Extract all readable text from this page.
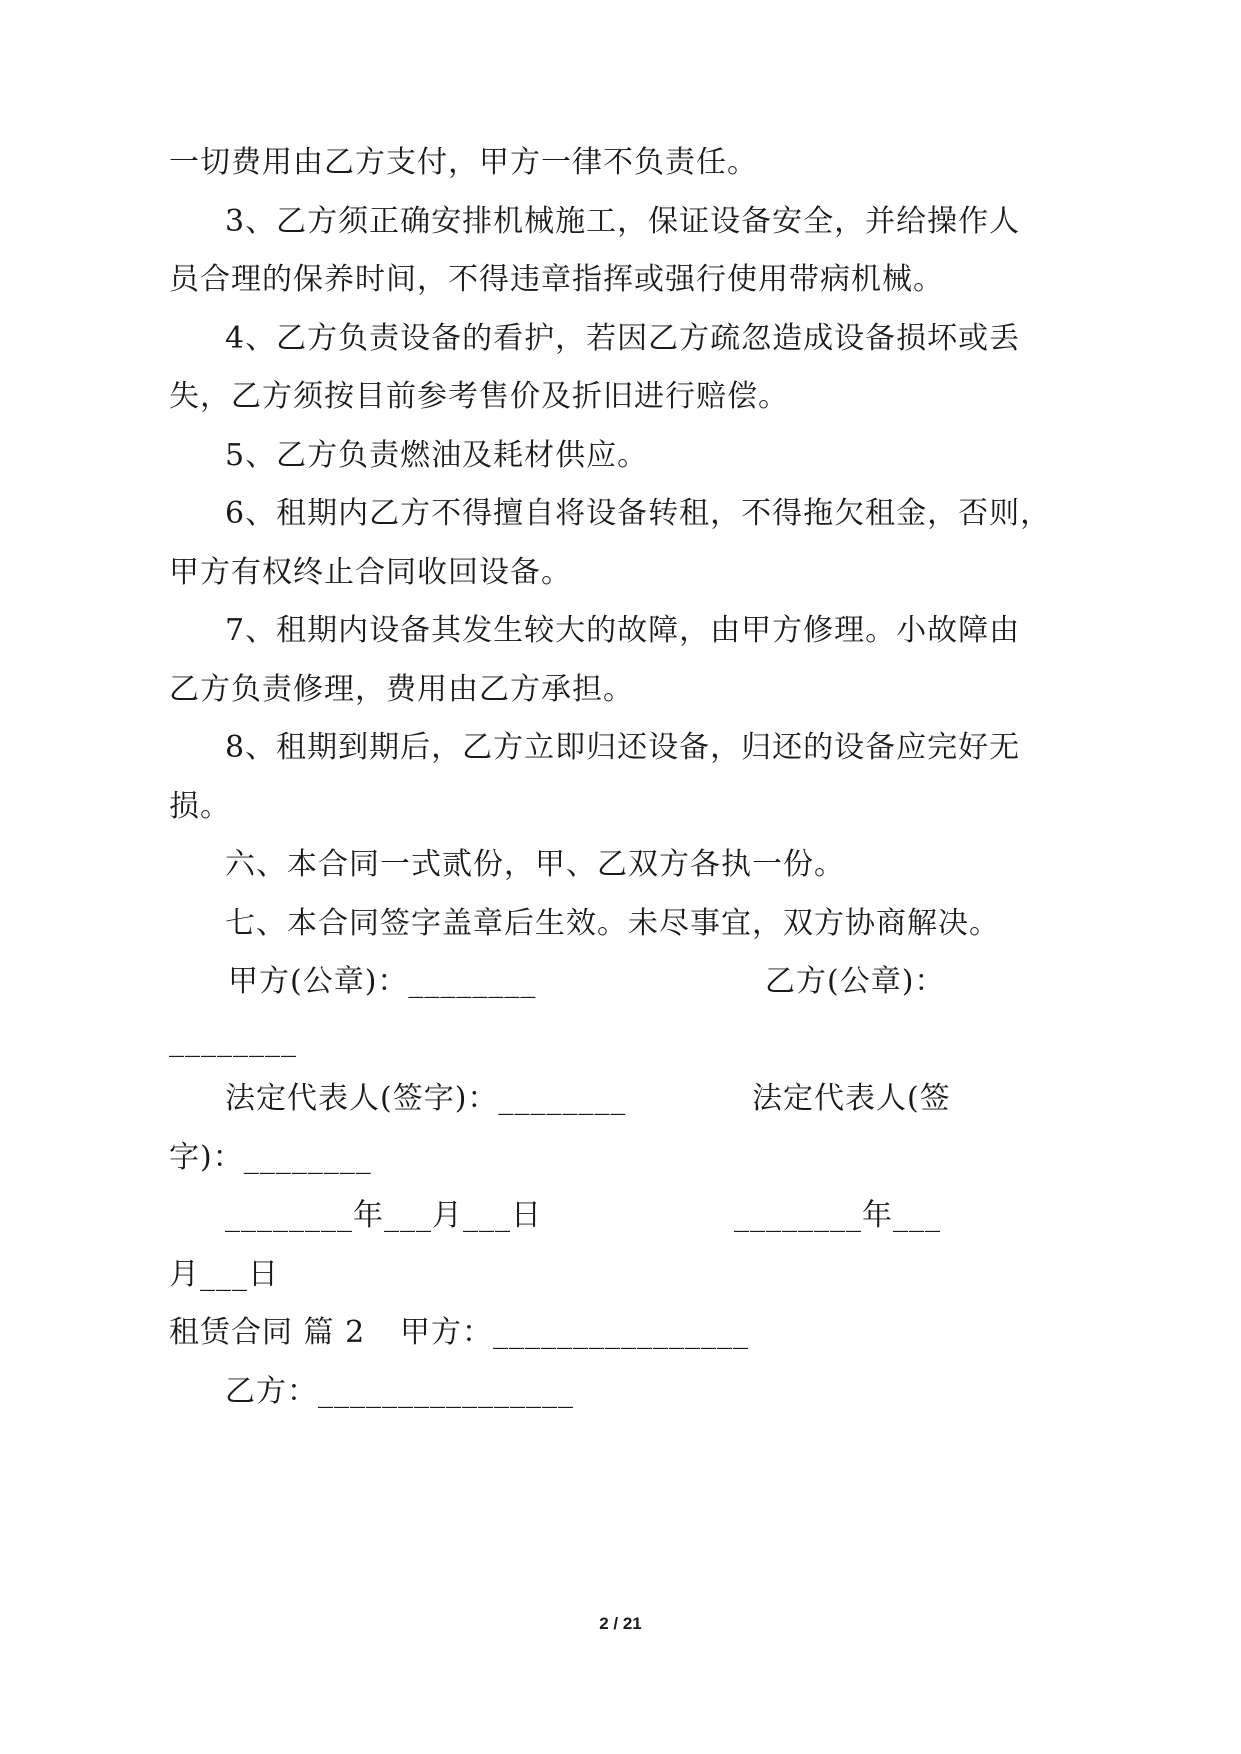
一切费用由乙方支付，甲方一律不负责任。
3、乙方须正确安排机械施工，保证设备安全，并给操作人
员合理的保养时间，不得违章指挥或强行使用带病机械。
4、乙方负责设备的看护，若因乙方疏忽造成设备损坏或丢
失，乙方须按目前参考售价及折旧进行赔偿。
5、乙方负责燃油及耗材供应。
6、租期内乙方不得擅自将设备转租，不得拖欠租金，否则，
甲方有权终止合同收回设备。
7、租期内设备其发生较大的故障，由甲方修理。小故障由
乙方负责修理，费用由乙方承担。
8、租期到期后，乙方立即归还设备，归还的设备应完好无
损。
六、本合同一式贰份，甲、乙双方各执一份。
七、本合同签字盖章后生效。未尽事宜，双方协商解决。
甲方(公章)：________	乙方(公章)：
________
法定代表人(签字)：________	法定代表人(签
字)：________
________年___月___日	________年___
月___日
租赁合同 篇 2 甲方：________________
乙方：________________
2 / 21
